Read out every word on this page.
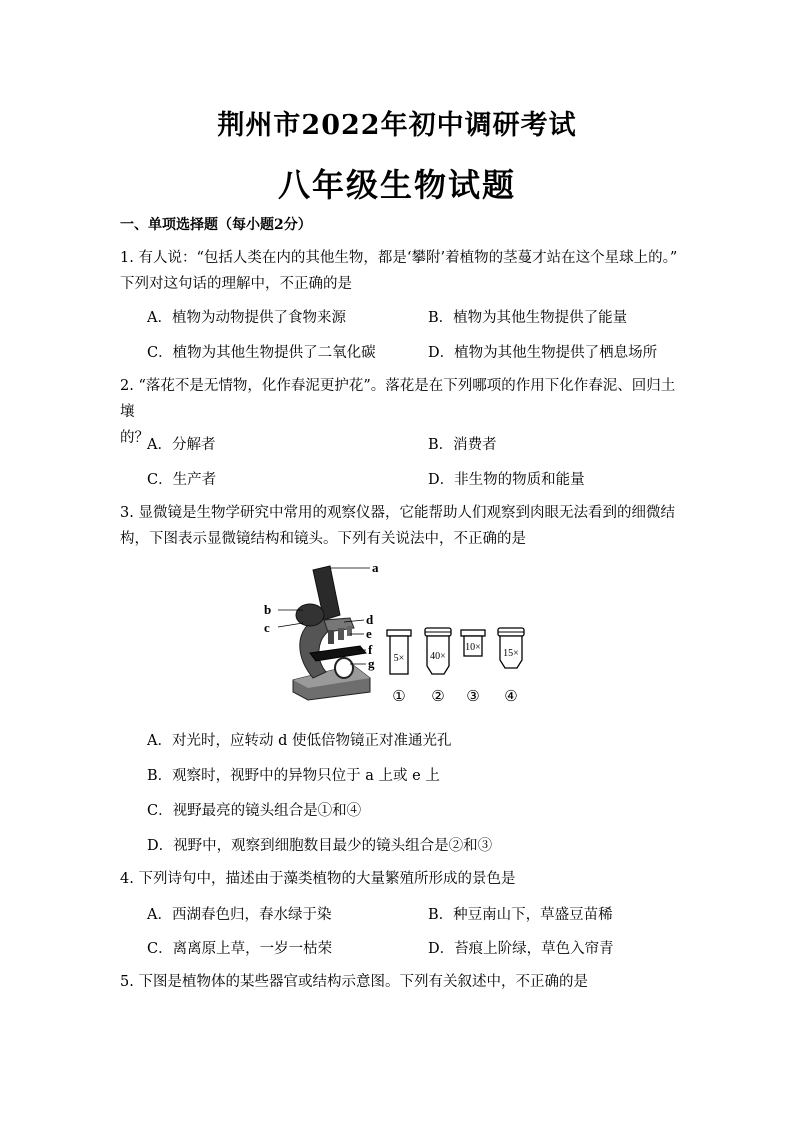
荆州市2022年初中调研考试
八年级生物试题
一、单项选择题（每小题2分）
1. 有人说：“包括人类在内的其他生物，都是‘攀附’着植物的茎蔓才站在这个星球上的。”
下列对这句话的理解中，不正确的是
A．植物为动物提供了食物来源	B．植物为其他生物提供了能量
C．植物为其他生物提供了二氧化碳	D．植物为其他生物提供了栖息场所
2. “落花不是无情物，化作春泥更护花”。落花是在下列哪项的作用下化作春泥、回归土壤
的？
A．分解者	B．消费者
C．生产者	D．非生物的物质和能量
3. 显微镜是生物学研究中常用的观察仪器，它能帮助人们观察到肉眼无法看到的细微结
构，下图表示显微镜结构和镜头。下列有关说法中，不正确的是
a
b
c
d
e
f
g 5×
①
40×
②
10×
③
15×
④
A．对光时，应转动 d 使低倍物镜正对准通光孔
B．观察时，视野中的异物只位于 a 上或 e 上
C．视野最亮的镜头组合是①和④
D．视野中，观察到细胞数目最少的镜头组合是②和③
4. 下列诗句中，描述由于藻类植物的大量繁殖所形成的景色是
A．西湖春色归，春水绿于染	B．种豆南山下，草盛豆苗稀
C．离离原上草，一岁一枯荣	D．苔痕上阶绿，草色入帘青
5. 下图是植物体的某些器官或结构示意图。下列有关叙述中，不正确的是
